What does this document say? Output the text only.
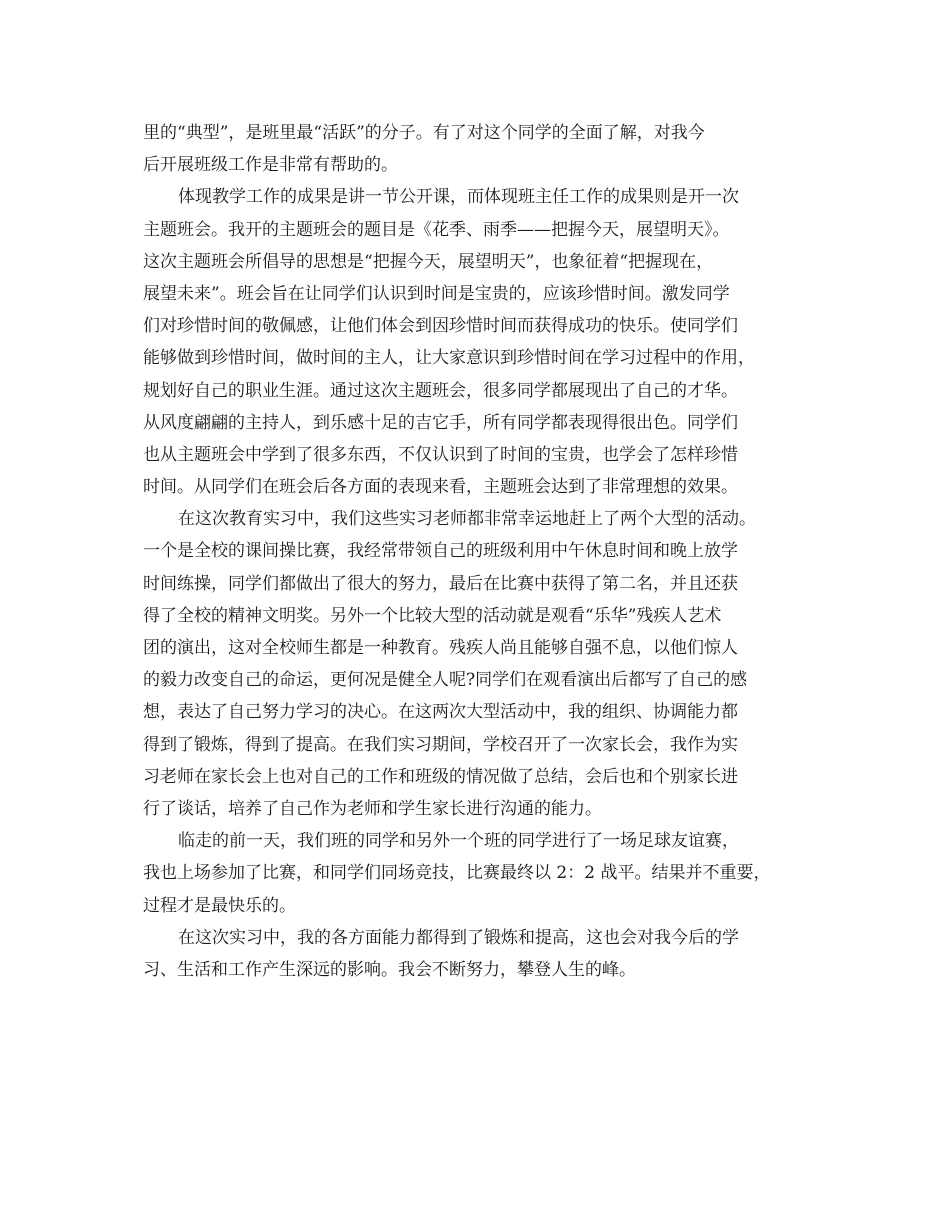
里的“典型”，是班里最“活跃”的分子。有了对这个同学的全面了解，对我今
后开展班级工作是非常有帮助的。
体现教学工作的成果是讲一节公开课，而体现班主任工作的成果则是开一次
主题班会。我开的主题班会的题目是《花季、雨季——把握今天，展望明天》。
这次主题班会所倡导的思想是“把握今天，展望明天”，也象征着“把握现在，
展望未来”。班会旨在让同学们认识到时间是宝贵的，应该珍惜时间。激发同学
们对珍惜时间的敬佩感，让他们体会到因珍惜时间而获得成功的快乐。使同学们
能够做到珍惜时间，做时间的主人，让大家意识到珍惜时间在学习过程中的作用，
规划好自己的职业生涯。通过这次主题班会，很多同学都展现出了自己的才华。
从风度翩翩的主持人，到乐感十足的吉它手，所有同学都表现得很出色。同学们
也从主题班会中学到了很多东西，不仅认识到了时间的宝贵，也学会了怎样珍惜
时间。从同学们在班会后各方面的表现来看，主题班会达到了非常理想的效果。
在这次教育实习中，我们这些实习老师都非常幸运地赶上了两个大型的活动。
一个是全校的课间操比赛，我经常带领自己的班级利用中午休息时间和晚上放学
时间练操，同学们都做出了很大的努力，最后在比赛中获得了第二名，并且还获
得了全校的精神文明奖。另外一个比较大型的活动就是观看“乐华”残疾人艺术
团的演出，这对全校师生都是一种教育。残疾人尚且能够自强不息，以他们惊人
的毅力改变自己的命运，更何况是健全人呢?同学们在观看演出后都写了自己的感
想，表达了自己努力学习的决心。在这两次大型活动中，我的组织、协调能力都
得到了锻炼，得到了提高。在我们实习期间，学校召开了一次家长会，我作为实
习老师在家长会上也对自己的工作和班级的情况做了总结，会后也和个别家长进
行了谈话，培养了自己作为老师和学生家长进行沟通的能力。
临走的前一天，我们班的同学和另外一个班的同学进行了一场足球友谊赛，
我也上场参加了比赛，和同学们同场竞技，比赛最终以 2：2 战平。结果并不重要，
过程才是最快乐的。
在这次实习中，我的各方面能力都得到了锻炼和提高，这也会对我今后的学
习、生活和工作产生深远的影响。我会不断努力，攀登人生的峰。
